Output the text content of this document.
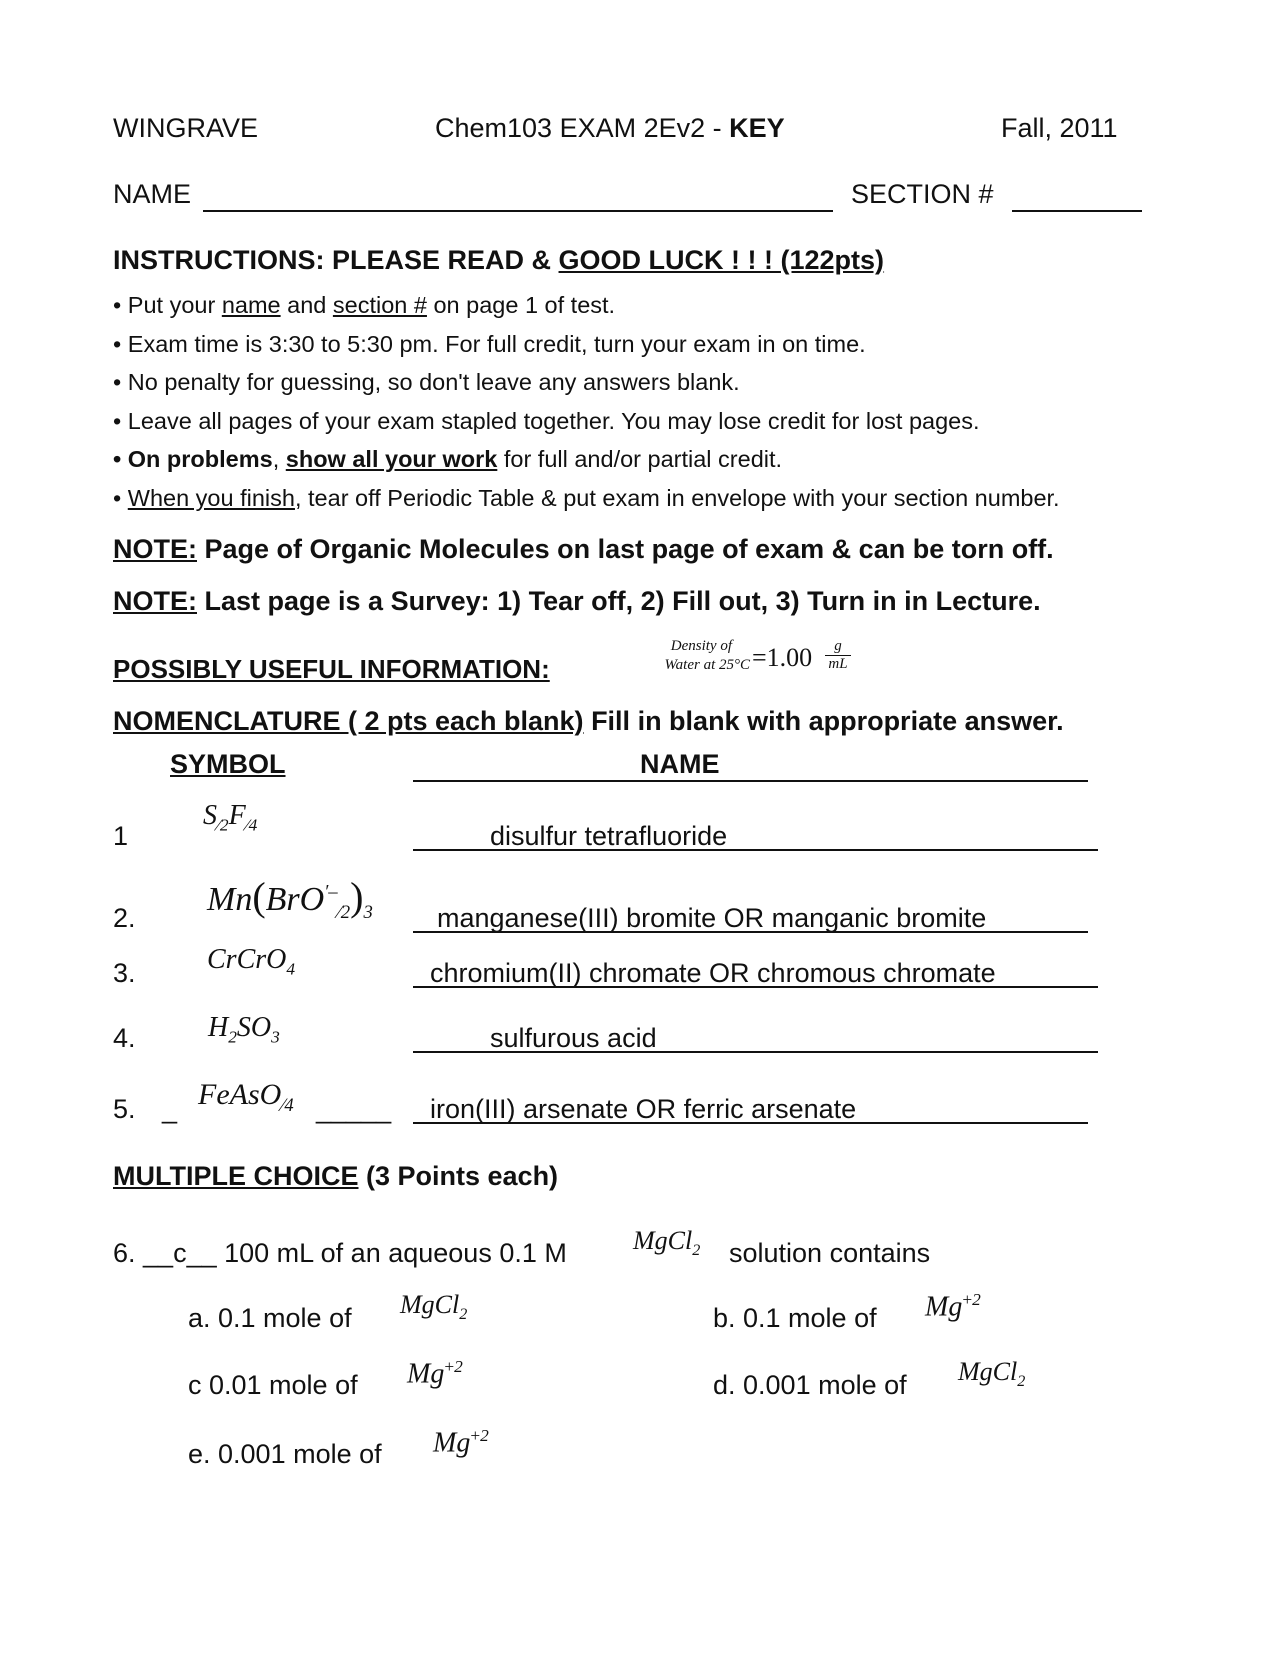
WINGRAVE	Chem103 EXAM 2Ev2 - KEY	Fall, 2011
NAME	SECTION #
INSTRUCTIONS: PLEASE READ & GOOD LUCK ! ! ! (122pts)
• Put your name and section # on page 1 of test.
• Exam time is 3:30 to 5:30 pm. For full credit, turn your exam in on time.
• No penalty for guessing, so don't leave any answers blank.
• Leave all pages of your exam stapled together. You may lose credit for lost pages.
• On problems, show all your work for full and/or partial credit.
• When you finish, tear off Periodic Table & put exam in envelope with your section number.
NOTE: Page of Organic Molecules on last page of exam & can be torn off.
NOTE: Last page is a Survey: 1) Tear off, 2) Fill out, 3) Turn in in Lecture.
POSSIBLY USEFUL INFORMATION:
Density of
Water at $25^\circ C =1.00 \frac{g}{mL}$
NOMENCLATURE ( 2 pts each blank) Fill in blank with appropriate answer.
SYMBOL	NAME
1
$S_{⁄2}F_{⁄4}$	disulfur tetrafluoride
2. $Mn(BrO^{'-}_{⁄2})_3$ manganese(III) bromite OR manganic bromite
3.	CrCrO$_4$	chromium(II) chromate OR chromous chromate
4.	$H_2SO_3$	sulfurous acid
5. _ FeAsO$_{⁄4}$ _____ iron(III) arsenate OR ferric arsenate
MULTIPLE CHOICE (3 Points each)
6. __c__ 100 mL of an aqueous 0.1 M	MgCl$_2$ solution contains
a. 0.1 mole of MgCl$_2$	b. 0.1 mole of $Mg^{+2}$
c 0.01 mole of $Mg^{+2}$
d. 0.001 mole of MgCl$_2$
e. 0.001 mole of $Mg^{+2}$
